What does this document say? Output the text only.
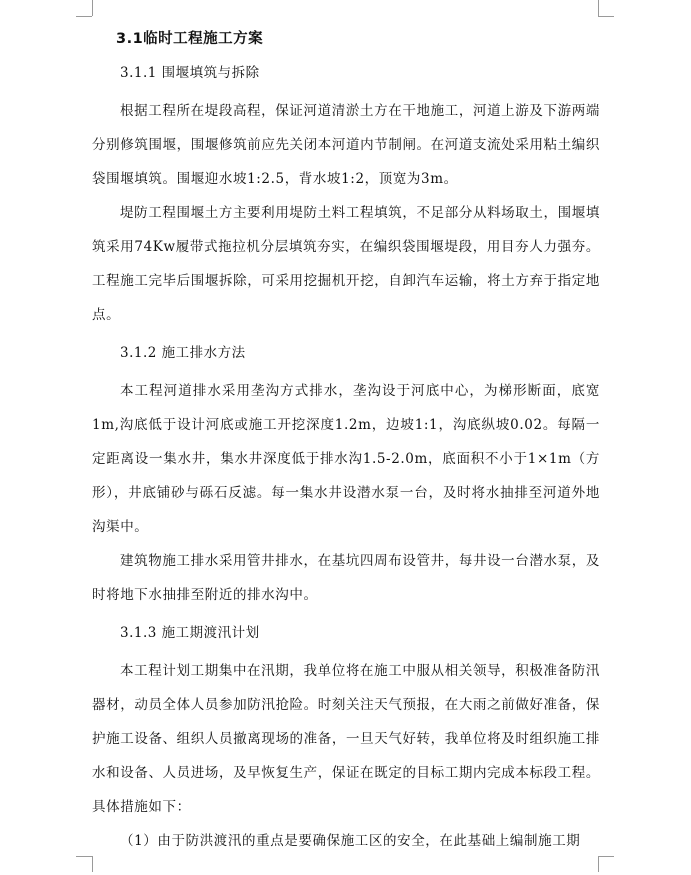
3.1临时工程施工方案
3.1.1 围堰填筑与拆除

根据工程所在堤段高程，保证河道清淤土方在干地施工，河道上游及下游两端分别修筑围堰，围堰修筑前应先关闭本河道内节制闸。在河道支流处采用粘土编织袋围堰填筑。围堰迎水坡1:2.5，背水坡1:2，顶宽为3m。

堤防工程围堰土方主要利用堤防土料工程填筑，不足部分从料场取土，围堰填筑采用74Kw履带式拖拉机分层填筑夯实，在编织袋围堰堤段，用目夯人力强夯。工程施工完毕后围堰拆除，可采用挖掘机开挖，自卸汽车运输，将土方弃于指定地点。

3.1.2 施工排水方法

本工程河道排水采用垄沟方式排水，垄沟设于河底中心，为梯形断面，底宽1m,沟底低于设计河底或施工开挖深度1.2m，边坡1:1，沟底纵坡0.02。每隔一定距离设一集水井，集水井深度低于排水沟1.5-2.0m，底面积不小于1×1m（方形），井底铺砂与砾石反滤。每一集水井设潜水泵一台，及时将水抽排至河道外地沟渠中。

建筑物施工排水采用管井排水，在基坑四周布设管井，每井设一台潜水泵，及时将地下水抽排至附近的排水沟中。

3.1.3 施工期渡汛计划

本工程计划工期集中在汛期，我单位将在施工中服从相关领导，积极准备防汛器材，动员全体人员参加防汛抢险。时刻关注天气预报，在大雨之前做好准备，保护施工设备、组织人员撤离现场的准备，一旦天气好转，我单位将及时组织施工排水和设备、人员进场，及早恢复生产，保证在既定的目标工期内完成本标段工程。具体措施如下：

（1）由于防洪渡汛的重点是要确保施工区的安全，在此基础上编制施工期
